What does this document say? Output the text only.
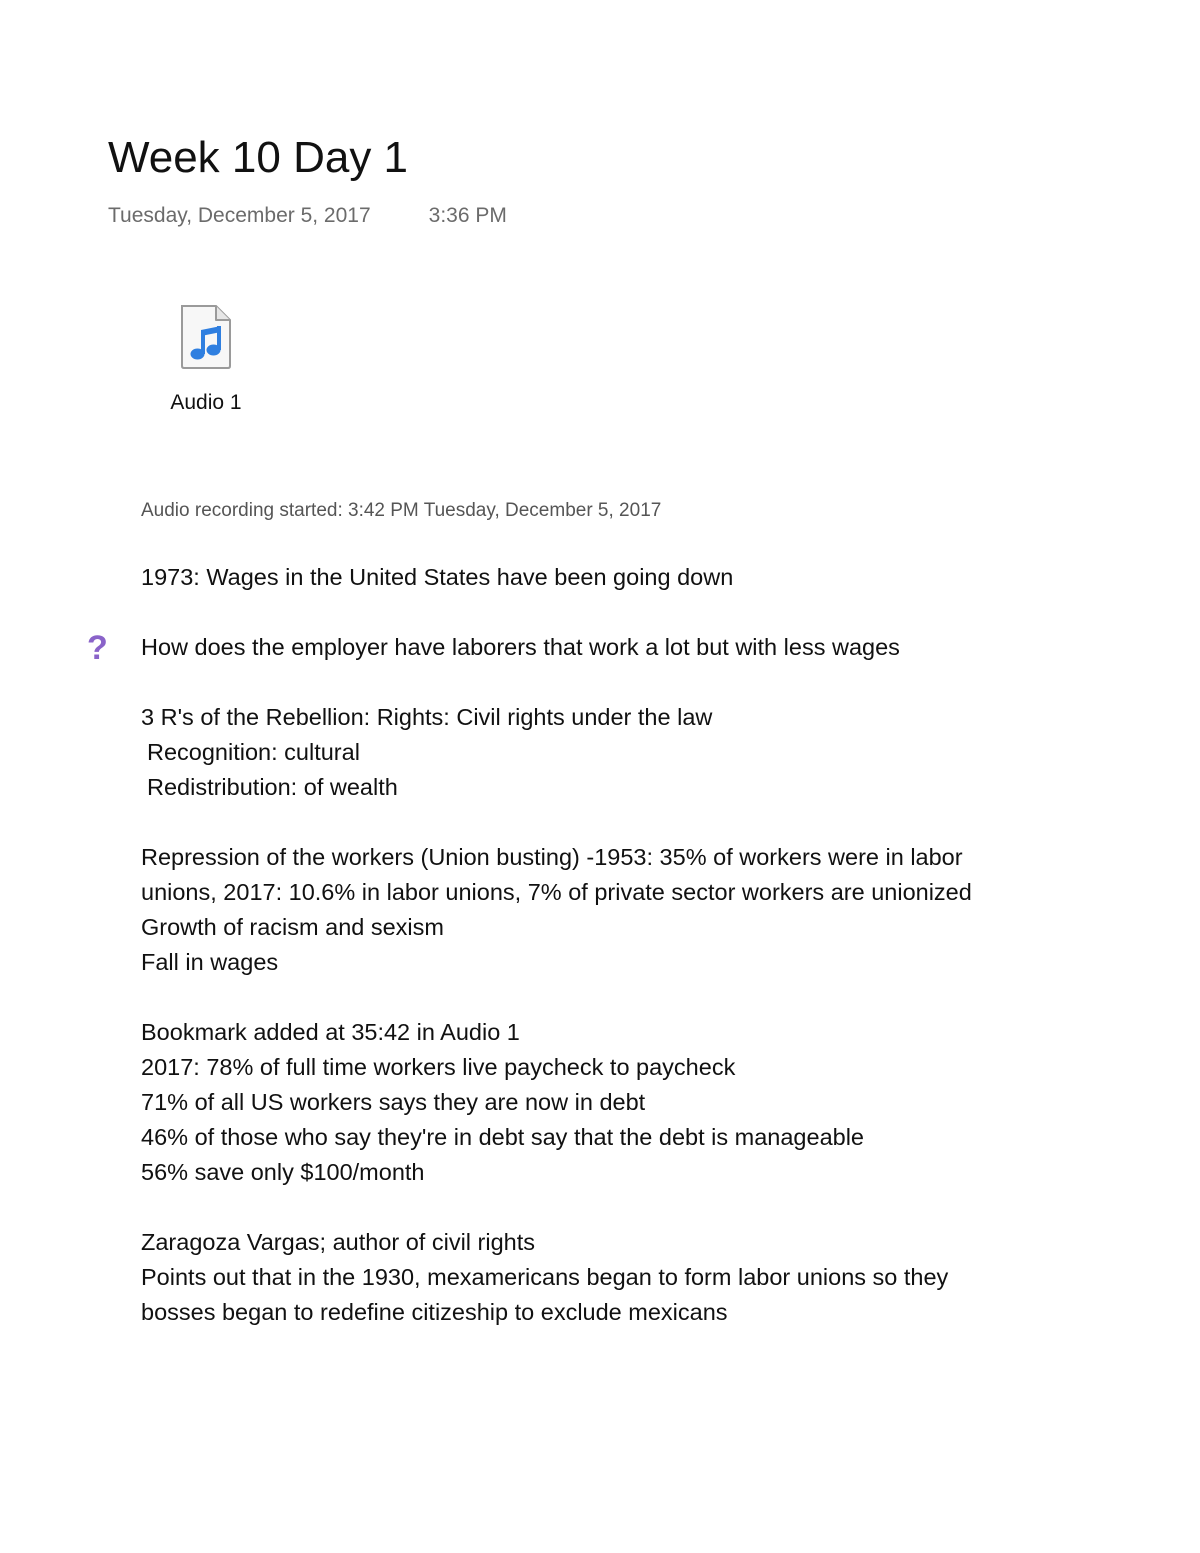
Week 10 Day 1
Tuesday, December 5, 2017	3:36 PM
Audio 1
Audio recording started: 3:42 PM Tuesday, December 5, 2017

1973: Wages in the United States have been going down

? How does the employer have laborers that work a lot but with less wages

3 R's of the Rebellion: Rights: Civil rights under the law

Recognition: cultural

Redistribution: of wealth

Repression of the workers (Union busting) -1953: 35% of workers were in labor

unions, 2017: 10.6% in labor unions, 7% of private sector workers are unionized

Growth of racism and sexism

Fall in wages

Bookmark added at 35:42 in Audio 1

2017: 78% of full time workers live paycheck to paycheck

71% of all US workers says they are now in debt

46% of those who say they're in debt say that the debt is manageable

56% save only $100/month

Zaragoza Vargas; author of civil rights

Points out that in the 1930, mexamericans began to form labor unions so they

bosses began to redefine citizeship to exclude mexicans
